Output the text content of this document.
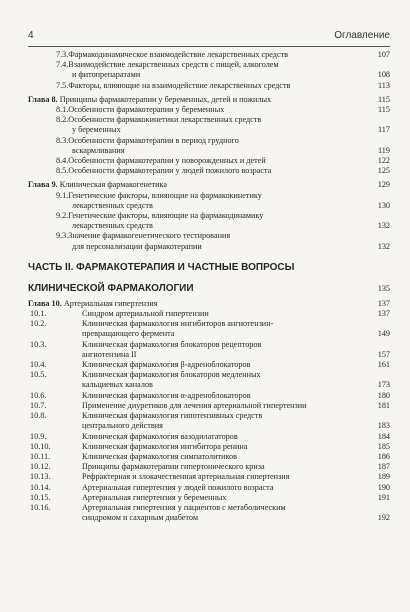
4	Оглавление
7.3.Фармакодинамическое взаимодействие лекарственных средств	107
7.4.Взаимодействие лекарственных средств с пищей, алкоголем
и фитопрепаратами	108
7.5.Факторы, влияющие на взаимодействие лекарственных средств	113
Глава 8. Принципы фармакотерапии у беременных, детей и пожилых	115
8.1.Особенности фармакотерапии у беременных	115
8.2.Особенности фармакокинетики лекарственных средств
у беременных	117
8.3.Особенности фармакотерапии в период грудного
вскармливания	119
8.4.Особенности фармакотерапии у новорожденных и детей	122
8.5.Особенности фармакотерапии у людей пожилого возраста	125
Глава 9. Клиническая фармакогенетика	129
9.1.Генетические факторы, влияющие на фармакокинетику
лекарственных средств	130
9.2.Генетические факторы, влияющие на фармакодинамику
лекарственных средств	132
9.3.Значение фармакогенетического тестирования
для персонализации фармакотерапии	132
ЧАСТЬ II. ФАРМАКОТЕРАПИЯ И ЧАСТНЫЕ ВОПРОСЫ
КЛИНИЧЕСКОЙ ФАРМАКОЛОГИИ	135
Глава 10. Артериальная гипертензия	137
10.1.	Синдром артериальной гипертензии	137
10.2.	Клиническая фармакология ингибиторов ангиотензин-
превращающего фермента	149
10.3.	Клиническая фармакология блокаторов рецепторов
ангиотензина II	157
10.4.	Клиническая фармакология β-адреноблокаторов	161
10.5.	Клиническая фармакология блокаторов медленных
кальциевых каналов	173
10.6.	Клиническая фармакология α-адреноблокаторов	180
10.7.	Применение диуретиков для лечения артериальной гипертензии	181
10.8.	Клиническая фармакология гипотензивных средств
центрального действия	183
10.9.	Клиническая фармакология вазодилататоров	184
10.10.	Клиническая фармакология ингибитора ренина	185
10.11.	Клиническая фармакология симпатолитиков	186
10.12.	Принципы фармакотерапии гипертонического криза	187
10.13.	Рефрактерная и злокачественная артериальная гипертензия	189
10.14.	Артериальная гипертензия у людей пожилого возраста	190
10.15.	Артериальная гипертензия у беременных	191
10.16.	Артериальная гипертензия у пациентов с метаболическим
синдромом и сахарным диабетом	192
